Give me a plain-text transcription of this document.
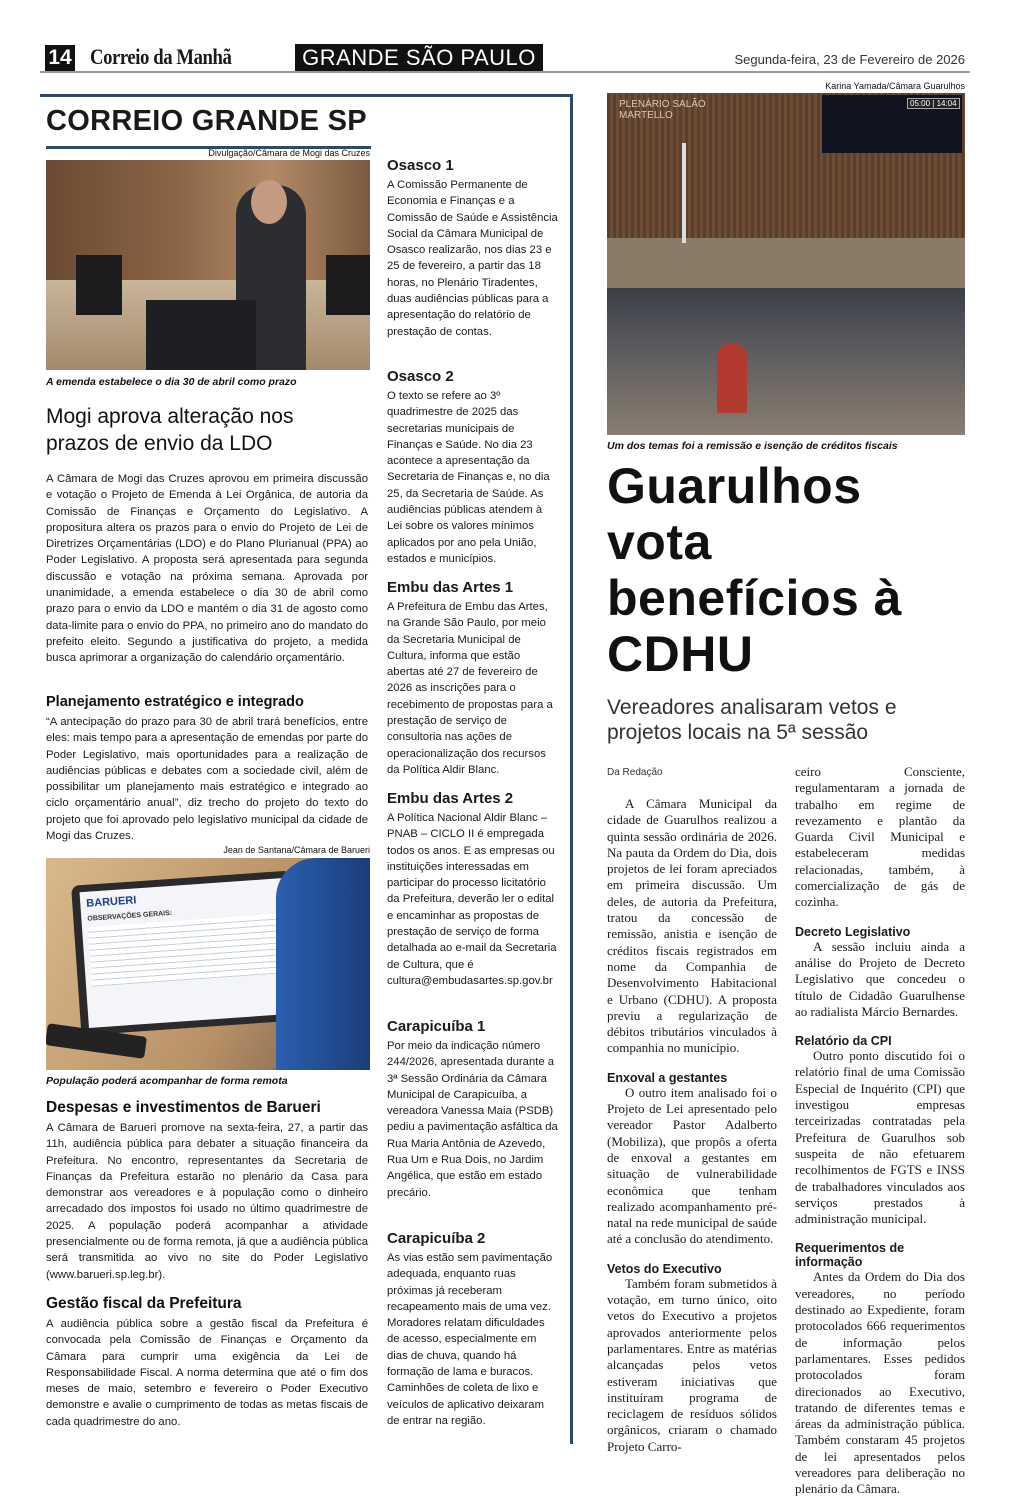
14 Correio da Manhã	GRANDE SÃO PAULO	Segunda-feira, 23 de Fevereiro de 2026
CORREIO GRANDE SP
Divulgação/Câmara de Mogi das Cruzes
A emenda estabelece o dia 30 de abril como prazo
Mogi aprova alteração nos prazos de envio da LDO
A Câmara de Mogi das Cruzes aprovou em primeira discussão e votação o Projeto de Emenda à Lei Orgânica, de autoria da Comissão de Finanças e Orçamento do Legislativo. A propositura altera os prazos para o envio do Projeto de Lei de Diretrizes Orçamentárias (LDO) e do Plano Plurianual (PPA) ao Poder Legislativo. A proposta será apresentada para segunda discussão e votação na próxima semana. Aprovada por unanimidade, a emenda estabelece o dia 30 de abril como prazo para o envio da LDO e mantém o dia 31 de agosto como data-limite para o envio do PPA, no primeiro ano do mandato do prefeito eleito. Segundo a justificativa do projeto, a medida busca aprimorar a organização do calendário orçamentário.
Planejamento estratégico e integrado
“A antecipação do prazo para 30 de abril trará benefícios, entre eles: mais tempo para a apresentação de emendas por parte do Poder Legislativo, mais oportunidades para a realização de audiências públicas e debates com a sociedade civil, além de possibilitar um planejamento mais estratégico e integrado ao ciclo orçamentário anual”, diz trecho do projeto do texto do projeto que foi aprovado pelo legislativo municipal da cidade de Mogi das Cruzes.
Jean de Santana/Câmara de Barueri
BARUERI
OBSERVAÇÕES GERAIS:
População poderá acompanhar de forma remota
Despesas e investimentos de Barueri
A Câmara de Barueri promove na sexta-feira, 27, a partir das 11h, audiência pública para debater a situação financeira da Prefeitura. No encontro, representantes da Secretaria de Finanças da Prefeitura estarão no plenário da Casa para demonstrar aos vereadores e à população como o dinheiro arrecadado dos impostos foi usado no último quadrimestre de 2025. A população poderá acompanhar a atividade presencialmente ou de forma remota, já que a audiência pública será transmitida ao vivo no site do Poder Legislativo (www.barueri.sp.leg.br).
Gestão fiscal da Prefeitura
A audiência pública sobre a gestão fiscal da Prefeitura é convocada pela Comissão de Finanças e Orçamento da Câmara para cumprir uma exigência da Lei de Responsabilidade Fiscal. A norma determina que até o fim dos meses de maio, setembro e fevereiro o Poder Executivo demonstre e avalie o cumprimento de todas as metas fiscais de cada quadrimestre do ano.
Osasco 1
A Comissão Permanente de Economia e Finanças e a Comissão de Saúde e Assistência Social da Câmara Municipal de Osasco realizarão, nos dias 23 e 25 de fevereiro, a partir das 18 horas, no Plenário Tiradentes, duas audiências públicas para a apresentação do relatório de prestação de contas.
Osasco 2
O texto se refere ao 3º quadrimestre de 2025 das secretarias municipais de Finanças e Saúde. No dia 23 acontece a apresentação da Secretaria de Finanças e, no dia 25, da Secretaria de Saúde. As audiências públicas atendem à Lei sobre os valores mínimos aplicados por ano pela União, estados e municípios.
Embu das Artes 1
A Prefeitura de Embu das Artes, na Grande São Paulo, por meio da Secretaria Municipal de Cultura, informa que estão abertas até 27 de fevereiro de 2026 as inscrições para o recebimento de propostas para a prestação de serviço de consultoria nas ações de operacionalização dos recursos da Política Aldir Blanc.
Embu das Artes 2
A Política Nacional Aldir Blanc – PNAB – CICLO II é empregada todos os anos. E as empresas ou instituições interessadas em participar do processo licitatório da Prefeitura, deverão ler o edital e encaminhar as propostas de prestação de serviço de forma detalhada ao e-mail da Secretaria de Cultura, que é cultura@embudasartes.sp.gov.br
Carapicuíba 1
Por meio da indicação número 244/2026, apresentada durante a 3ª Sessão Ordinária da Câmara Municipal de Carapicuíba, a vereadora Vanessa Maia (PSDB) pediu a pavimentação asfáltica da Rua Maria Antônia de Azevedo, Rua Um e Rua Dois, no Jardim Angélica, que estão em estado precário.
Carapicuíba 2
As vias estão sem pavimentação adequada, enquanto ruas próximas já receberam recapeamento mais de uma vez. Moradores relatam dificuldades de acesso, especialmente em dias de chuva, quando há formação de lama e buracos. Caminhões de coleta de lixo e veículos de aplicativo deixaram de entrar na região.
Karina Yamada/Câmara Guarulhos
PLENÁRIO SALÃO MARTELLO
05:00 | 14:04
Um dos temas foi a remissão e isenção de créditos fiscais
Guarulhos vota benefícios à CDHU
Vereadores analisaram vetos e projetos locais na 5ª sessão
Da Redação

A Câmara Municipal da cidade de Guarulhos realizou a quinta sessão ordinária de 2026. Na pauta da Ordem do Dia, dois projetos de lei foram apreciados em primeira discussão. Um deles, de autoria da Prefeitura, tratou da concessão de remissão, anistia e isenção de créditos fiscais registrados em nome da Companhia de Desenvolvimento Habitacional e Urbano (CDHU). A proposta previu a regularização de débitos tributários vinculados à companhia no município.

Enxoval a gestantes

O outro item analisado foi o Projeto de Lei apresentado pelo vereador Pastor Adalberto (Mobiliza), que propôs a oferta de enxoval a gestantes em situação de vulnerabilidade econômica que tenham realizado acompanhamento pré-natal na rede municipal de saúde até a conclusão do atendimento.

Vetos do Executivo

Também foram submetidos à votação, em turno único, oito vetos do Executivo a projetos aprovados anteriormente pelos parlamentares. Entre as matérias alcançadas pelos vetos estiveram iniciativas que instituíram programa de reciclagem de resíduos sólidos orgânicos, criaram o chamado Projeto Carro-

ceiro Consciente, regulamentaram a jornada de trabalho em regime de revezamento e plantão da Guarda Civil Municipal e estabeleceram medidas relacionadas, também, à comercialização de gás de cozinha.

Decreto Legislativo

A sessão incluiu ainda a análise do Projeto de Decreto Legislativo que concedeu o título de Cidadão Guarulhense ao radialista Márcio Bernardes.

Relatório da CPI

Outro ponto discutido foi o relatório final de uma Comissão Especial de Inquérito (CPI) que investigou empresas terceirizadas contratadas pela Prefeitura de Guarulhos sob suspeita de não efetuarem recolhimentos de FGTS e INSS de trabalhadores vinculados aos serviços prestados à administração municipal.

Requerimentos de informação

Antes da Ordem do Dia dos vereadores, no período destinado ao Expediente, foram protocolados 666 requerimentos de informação pelos parlamentares. Esses pedidos protocolados foram direcionados ao Executivo, tratando de diferentes temas e áreas da administração pública. Também constaram 45 projetos de lei apresentados pelos vereadores para deliberação no plenário da Câmara.
